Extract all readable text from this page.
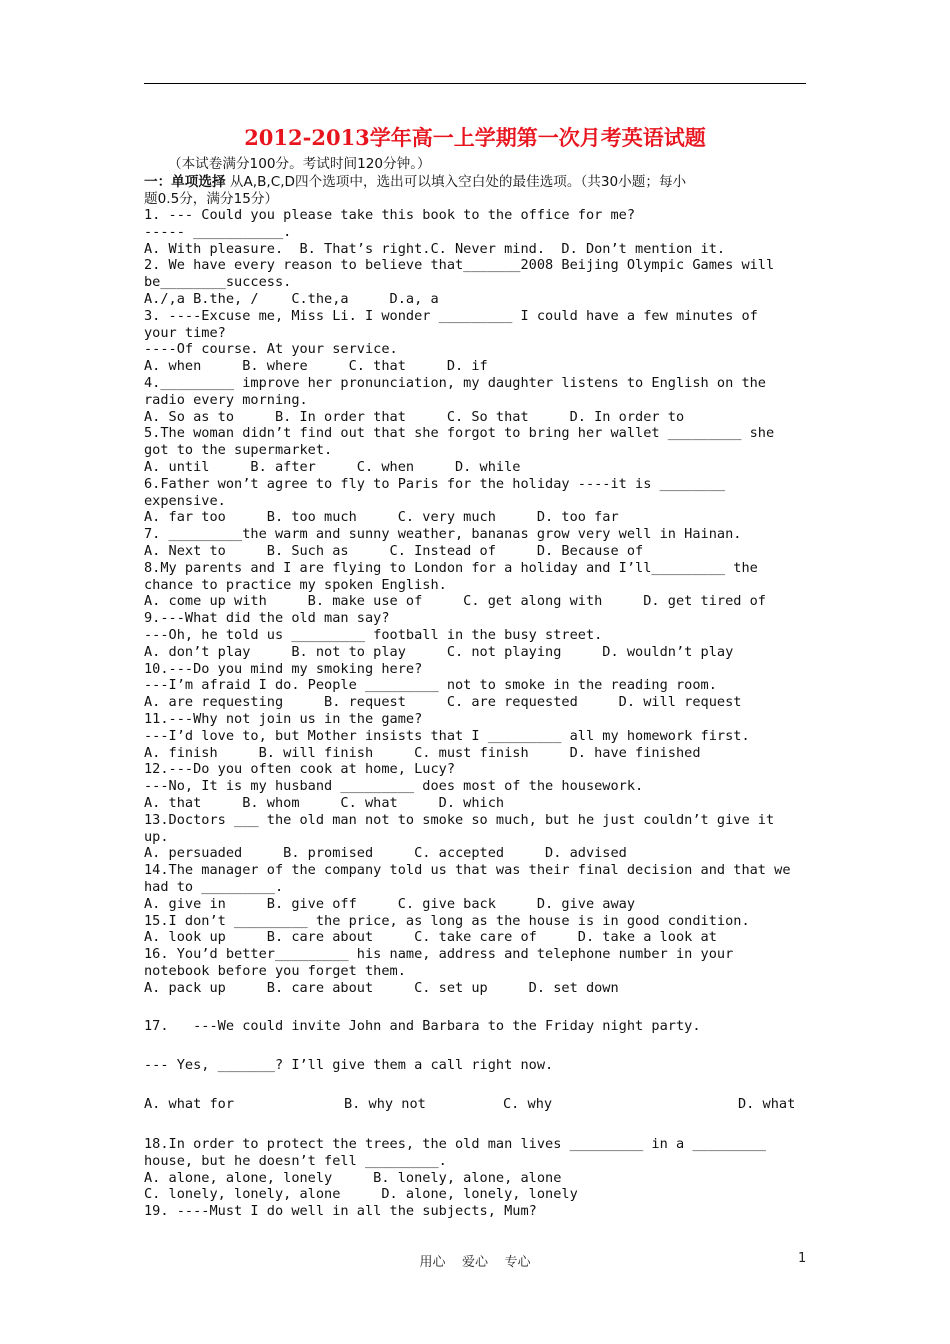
2012-2013学年高一上学期第一次月考英语试题
（本试卷满分100分。考试时间120分钟。）
一：单项选择 从A,B,C,D四个选项中，选出可以填入空白处的最佳选项。（共30小题；每小
题0.5分，满分15分）
1. --- Could you please take this book to the office for me?
----- ___________.
A. With pleasure.  B. That’s right.C. Never mind.  D. Don’t mention it.
2. We have every reason to believe that_______2008 Beijing Olympic Games will
be________success.
A./,a B.the, /    C.the,a     D.a, a
3. ----Excuse me, Miss Li. I wonder _________ I could have a few minutes of
your time?
----Of course. At your service.
A. when     B. where     C. that     D. if
4._________ improve her pronunciation, my daughter listens to English on the
radio every morning.
A. So as to     B. In order that     C. So that     D. In order to
5.The woman didn’t find out that she forgot to bring her wallet _________ she
got to the supermarket.
A. until     B. after     C. when     D. while
6.Father won’t agree to fly to Paris for the holiday ----it is ________
expensive.
A. far too     B. too much     C. very much     D. too far
7. _________the warm and sunny weather, bananas grow very well in Hainan.
A. Next to     B. Such as     C. Instead of     D. Because of
8.My parents and I are flying to London for a holiday and I’ll_________ the
chance to practice my spoken English.
A. come up with     B. make use of     C. get along with     D. get tired of
9.---What did the old man say?
---Oh, he told us _________ football in the busy street.
A. don’t play     B. not to play     C. not playing     D. wouldn’t play
10.---Do you mind my smoking here?
---I’m afraid I do. People _________ not to smoke in the reading room.
A. are requesting     B. request     C. are requested     D. will request
11.---Why not join us in the game?
---I’d love to, but Mother insists that I _________ all my homework first.
A. finish     B. will finish     C. must finish     D. have finished
12.---Do you often cook at home, Lucy?
---No, It is my husband _________ does most of the housework.
A. that     B. whom     C. what     D. which
13.Doctors ___ the old man not to smoke so much, but he just couldn’t give it
up.
A. persuaded     B. promised     C. accepted     D. advised
14.The manager of the company told us that was their final decision and that we
had to _________.
A. give in     B. give off     C. give back     D. give away
15.I don’t _________ the price, as long as the house is in good condition.
A. look up     B. care about     C. take care of     D. take a look at
16. You’d better_________ his name, address and telephone number in your
notebook before you forget them.
A. pack up     B. care about     C. set up     D. set down
17.   ---We could invite John and Barbara to the Friday night party.
--- Yes, _______? I’ll give them a call right now.
A. what for	B. why not	C. why	D. what
18.In order to protect the trees, the old man lives _________ in a _________
house, but he doesn’t fell _________.
A. alone, alone, lonely     B. lonely, alone, alone
C. lonely, lonely, alone     D. alone, lonely, lonely
19. ----Must I do well in all the subjects, Mum?
用心    爱心    专心	1
